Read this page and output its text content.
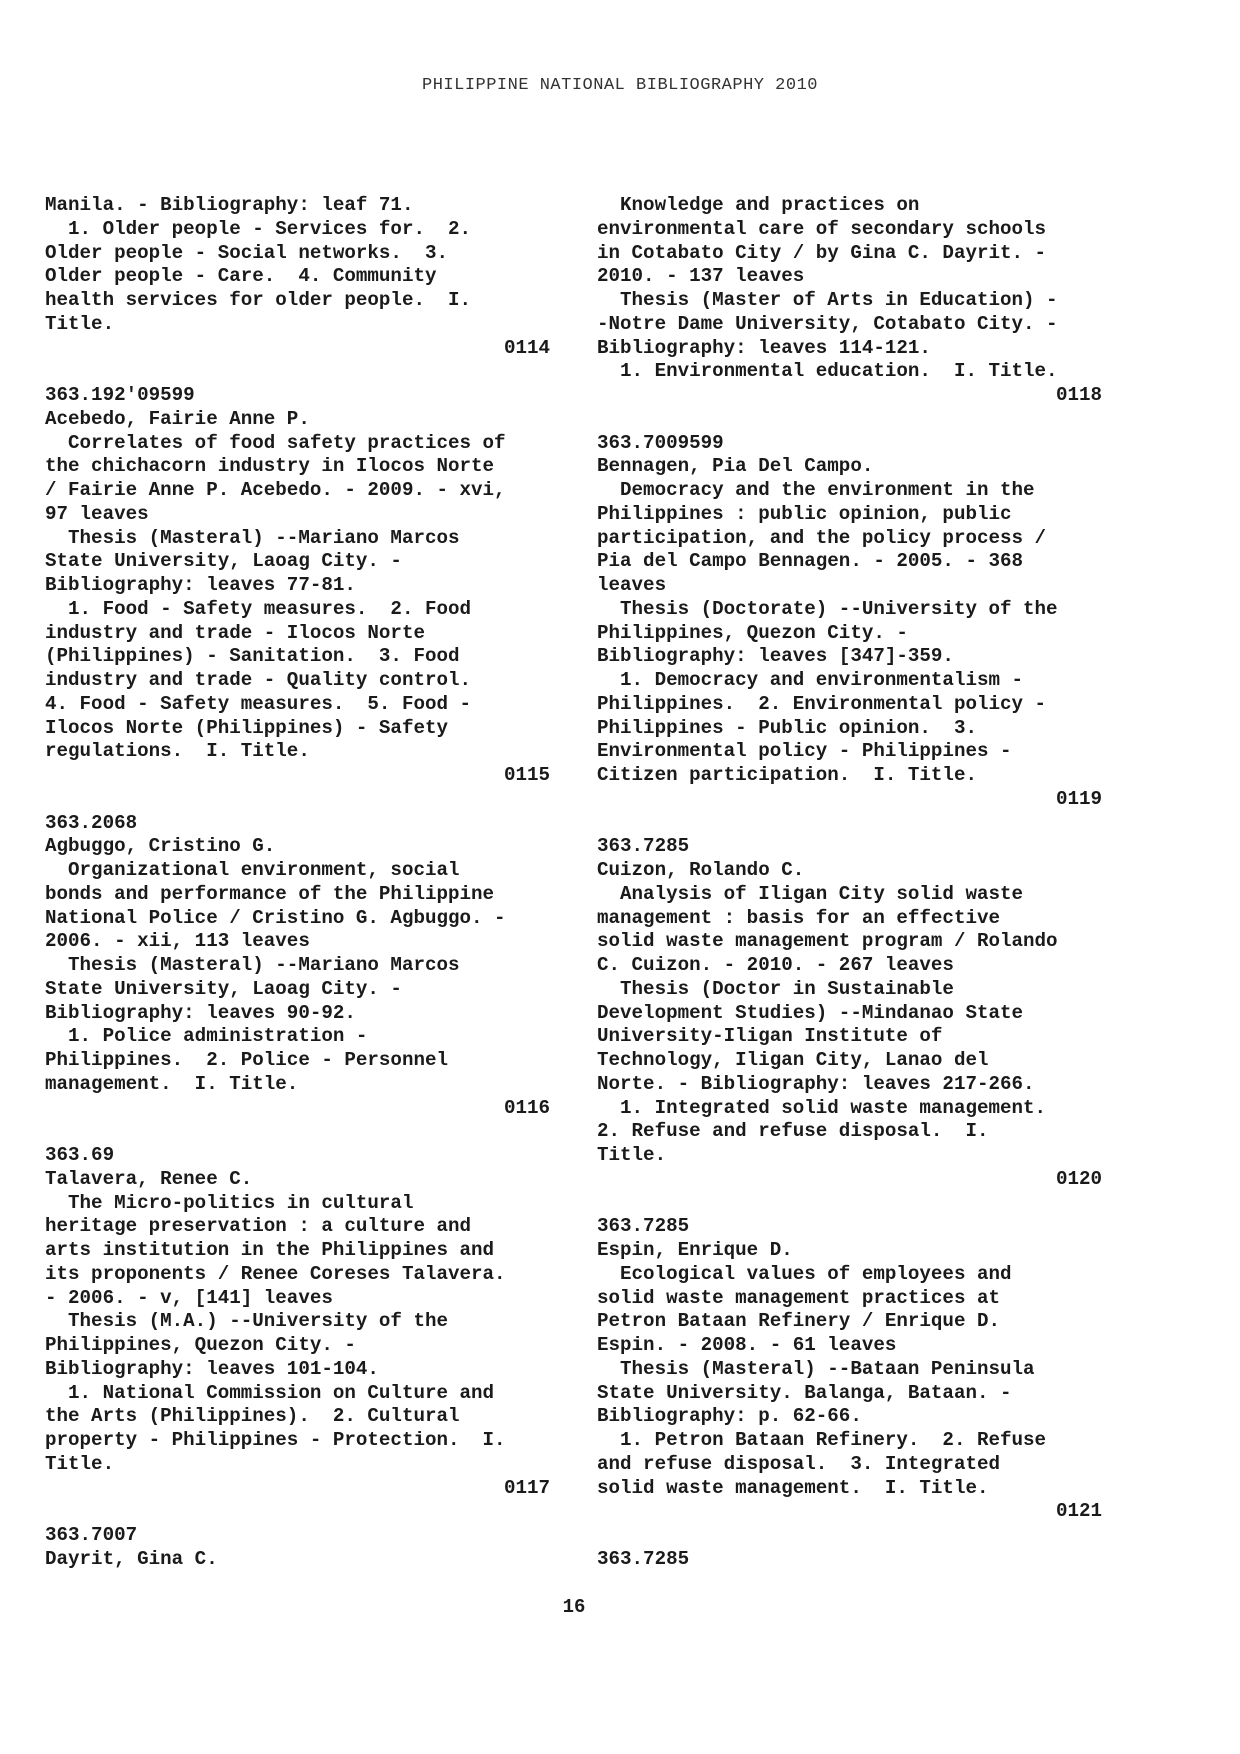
PHILIPPINE NATIONAL BIBLIOGRAPHY 2010
Manila. - Bibliography: leaf 71.
1. Older people - Services for.  2.
Older people - Social networks.  3.
Older people - Care.  4. Community
health services for older people.  I.
Title.
0114
363.192'09599
Acebedo, Fairie Anne P.
Correlates of food safety practices of
the chichacorn industry in Ilocos Norte
/ Fairie Anne P. Acebedo. - 2009. - xvi,
97 leaves
Thesis (Masteral) --Mariano Marcos
State University, Laoag City. -
Bibliography: leaves 77-81.
1. Food - Safety measures.  2. Food
industry and trade - Ilocos Norte
(Philippines) - Sanitation.  3. Food
industry and trade - Quality control.
4. Food - Safety measures.  5. Food -
Ilocos Norte (Philippines) - Safety
regulations.  I. Title.
0115
363.2068
Agbuggo, Cristino G.
Organizational environment, social
bonds and performance of the Philippine
National Police / Cristino G. Agbuggo. -
2006. - xii, 113 leaves
Thesis (Masteral) --Mariano Marcos
State University, Laoag City. -
Bibliography: leaves 90-92.
1. Police administration -
Philippines.  2. Police - Personnel
management.  I. Title.
0116
363.69
Talavera, Renee C.
The Micro-politics in cultural
heritage preservation : a culture and
arts institution in the Philippines and
its proponents / Renee Coreses Talavera.
- 2006. - v, [141] leaves
Thesis (M.A.) --University of the
Philippines, Quezon City. -
Bibliography: leaves 101-104.
1. National Commission on Culture and
the Arts (Philippines).  2. Cultural
property - Philippines - Protection.  I.
Title.
0117
363.7007
Dayrit, Gina C.
Knowledge and practices on
environmental care of secondary schools
in Cotabato City / by Gina C. Dayrit. -
2010. - 137 leaves
Thesis (Master of Arts in Education) -
-Notre Dame University, Cotabato City. -
Bibliography: leaves 114-121.
1. Environmental education.  I. Title.
0118
363.7009599
Bennagen, Pia Del Campo.
Democracy and the environment in the
Philippines : public opinion, public
participation, and the policy process /
Pia del Campo Bennagen. - 2005. - 368
leaves
Thesis (Doctorate) --University of the
Philippines, Quezon City. -
Bibliography: leaves [347]-359.
1. Democracy and environmentalism -
Philippines.  2. Environmental policy -
Philippines - Public opinion.  3.
Environmental policy - Philippines -
Citizen participation.  I. Title.
0119
363.7285
Cuizon, Rolando C.
Analysis of Iligan City solid waste
management : basis for an effective
solid waste management program / Rolando
C. Cuizon. - 2010. - 267 leaves
Thesis (Doctor in Sustainable
Development Studies) --Mindanao State
University-Iligan Institute of
Technology, Iligan City, Lanao del
Norte. - Bibliography: leaves 217-266.
1. Integrated solid waste management.
2. Refuse and refuse disposal.  I.
Title.
0120
363.7285
Espin, Enrique D.
Ecological values of employees and
solid waste management practices at
Petron Bataan Refinery / Enrique D.
Espin. - 2008. - 61 leaves
Thesis (Masteral) --Bataan Peninsula
State University. Balanga, Bataan. -
Bibliography: p. 62-66.
1. Petron Bataan Refinery.  2. Refuse
and refuse disposal.  3. Integrated
solid waste management.  I. Title.
0121
363.7285
16
